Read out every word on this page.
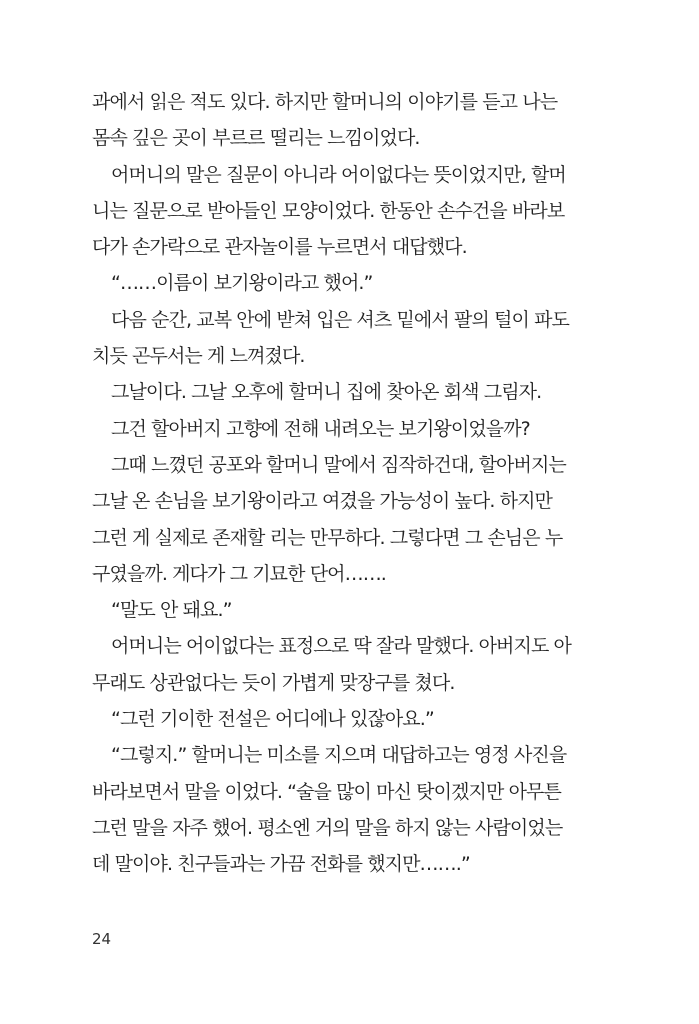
과에서 읽은 적도 있다. 하지만 할머니의 이야기를 듣고 나는
몸속 깊은 곳이 부르르 떨리는 느낌이었다.
어머니의 말은 질문이 아니라 어이없다는 뜻이었지만, 할머
니는 질문으로 받아들인 모양이었다. 한동안 손수건을 바라보
다가 손가락으로 관자놀이를 누르면서 대답했다.
“……이름이 보기왕이라고 했어.”
다음 순간, 교복 안에 받쳐 입은 셔츠 밑에서 팔의 털이 파도
치듯 곤두서는 게 느껴졌다.
그날이다. 그날 오후에 할머니 집에 찾아온 회색 그림자.
그건 할아버지 고향에 전해 내려오는 보기왕이었을까?
그때 느꼈던 공포와 할머니 말에서 짐작하건대, 할아버지는
그날 온 손님을 보기왕이라고 여겼을 가능성이 높다. 하지만
그런 게 실제로 존재할 리는 만무하다. 그렇다면 그 손님은 누
구였을까. 게다가 그 기묘한 단어…….
“말도 안 돼요.”
어머니는 어이없다는 표정으로 딱 잘라 말했다. 아버지도 아
무래도 상관없다는 듯이 가볍게 맞장구를 쳤다.
“그런 기이한 전설은 어디에나 있잖아요.”
“그렇지.” 할머니는 미소를 지으며 대답하고는 영정 사진을
바라보면서 말을 이었다. “술을 많이 마신 탓이겠지만 아무튼
그런 말을 자주 했어. 평소엔 거의 말을 하지 않는 사람이었는
데 말이야. 친구들과는 가끔 전화를 했지만…….”
24
